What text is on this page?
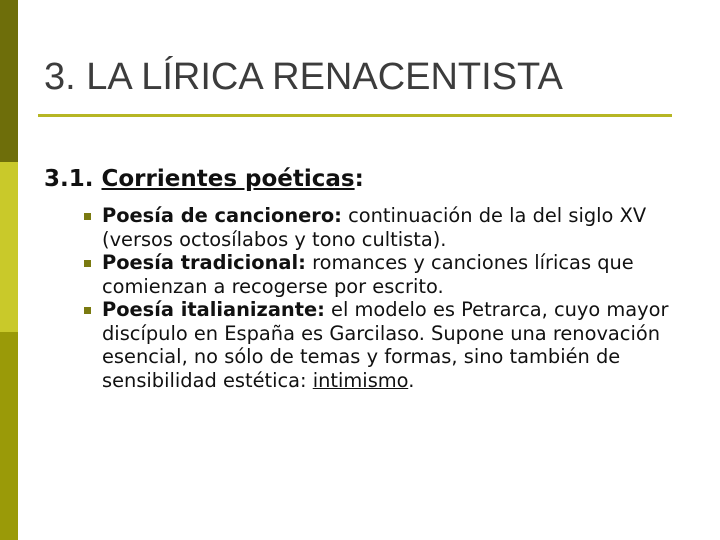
3. LA LÍRICA RENACENTISTA
3.1. Corrientes poéticas:
Poesía de cancionero: continuación de la del siglo XV (versos octosílabos y tono cultista).
Poesía tradicional: romances y canciones líricas que comienzan a recogerse por escrito.
Poesía italianizante: el modelo es Petrarca, cuyo mayor discípulo en España es Garcilaso. Supone una renovación esencial, no sólo de temas y formas, sino también de sensibilidad estética: intimismo.
